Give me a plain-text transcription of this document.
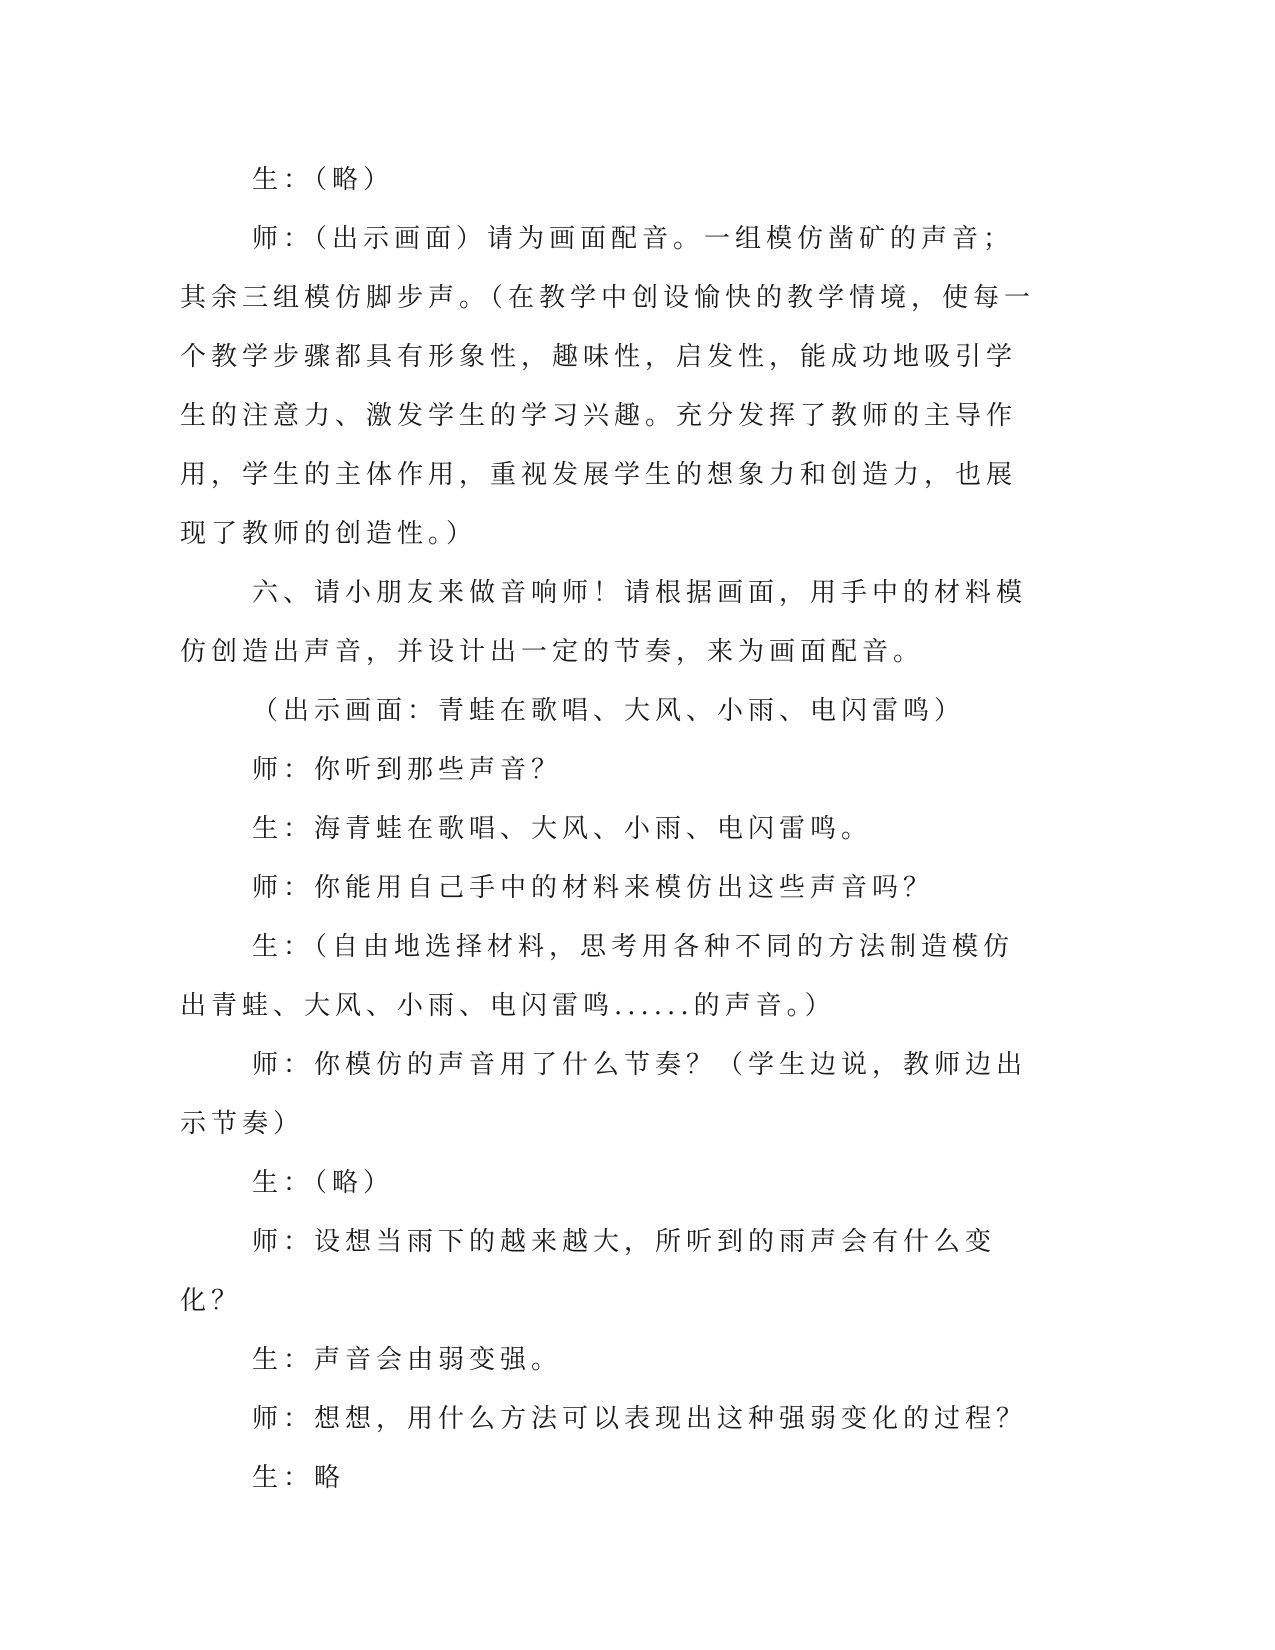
生：（略）

师：（出示画面）请为画面配音。一组模仿凿矿的声音；其余三组模仿脚步声。（在教学中创设愉快的教学情境，使每一个教学步骤都具有形象性，趣味性，启发性，能成功地吸引学生的注意力、激发学生的学习兴趣。充分发挥了教师的主导作用，学生的主体作用，重视发展学生的想象力和创造力，也展现了教师的创造性。）

六、请小朋友来做音响师！请根据画面，用手中的材料模仿创造出声音，并设计出一定的节奏，来为画面配音。

（出示画面：青蛙在歌唱、大风、小雨、电闪雷鸣）

师：你听到那些声音？

生：海青蛙在歌唱、大风、小雨、电闪雷鸣。

师：你能用自己手中的材料来模仿出这些声音吗？

生：（自由地选择材料，思考用各种不同的方法制造模仿出青蛙、大风、小雨、电闪雷鸣......的声音。）

师：你模仿的声音用了什么节奏？（学生边说，教师边出示节奏）

生：（略）

师：设想当雨下的越来越大，所听到的雨声会有什么变化？

生：声音会由弱变强。

师：想想，用什么方法可以表现出这种强弱变化的过程？

生：略
